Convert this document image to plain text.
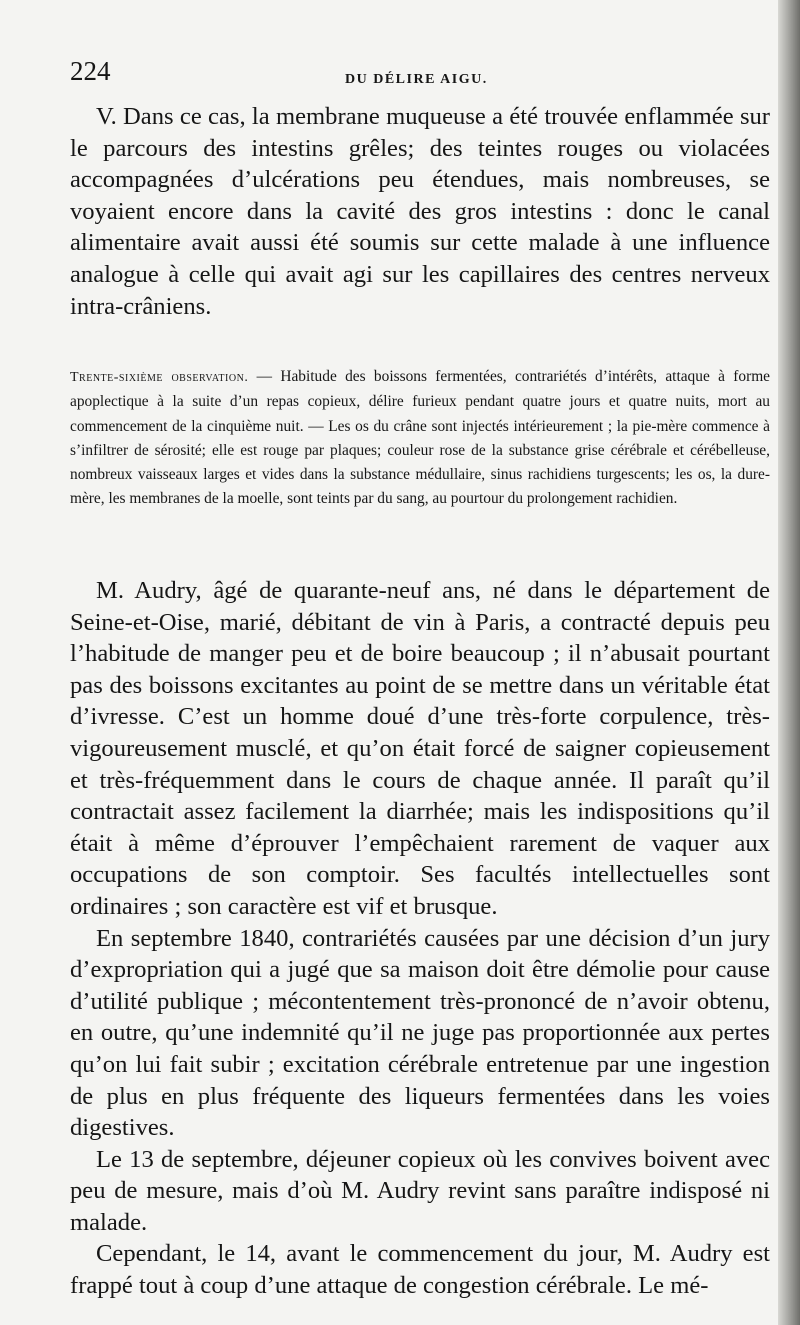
224	DU DÉLIRE AIGU.

V. Dans ce cas, la membrane muqueuse a été trouvée enflammée sur le parcours des intestins grêles; des teintes rouges ou violacées accompagnées d’ulcérations peu étendues, mais nombreuses, se voyaient encore dans la cavité des gros intestins : donc le canal alimentaire avait aussi été soumis sur cette malade à une influence analogue à celle qui avait agi sur les capillaires des centres nerveux intra-crâniens.

Trente-sixième observation. — Habitude des boissons fermentées, contrariétés d’intérêts, attaque à forme apoplectique à la suite d’un repas copieux, délire furieux pendant quatre jours et quatre nuits, mort au commencement de la cinquième nuit. — Les os du crâne sont injectés intérieurement ; la pie-mère commence à s’infiltrer de sérosité; elle est rouge par plaques; couleur rose de la substance grise cérébrale et cérébelleuse, nombreux vaisseaux larges et vides dans la substance médullaire, sinus rachidiens turgescents; les os, la dure-mère, les membranes de la moelle, sont teints par du sang, au pourtour du prolongement rachidien.

M. Audry, âgé de quarante-neuf ans, né dans le département de Seine-et-Oise, marié, débitant de vin à Paris, a contracté depuis peu l’habitude de manger peu et de boire beaucoup ; il n’abusait pourtant pas des boissons excitantes au point de se mettre dans un véritable état d’ivresse. C’est un homme doué d’une très-forte corpulence, très-vigoureusement musclé, et qu’on était forcé de saigner copieusement et très-fréquemment dans le cours de chaque année. Il paraît qu’il contractait assez facilement la diarrhée; mais les indispositions qu’il était à même d’éprouver l’empêchaient rarement de vaquer aux occupations de son comptoir. Ses facultés intellectuelles sont ordinaires ; son caractère est vif et brusque.

En septembre 1840, contrariétés causées par une décision d’un jury d’expropriation qui a jugé que sa maison doit être démolie pour cause d’utilité publique ; mécontentement très-prononcé de n’avoir obtenu, en outre, qu’une indemnité qu’il ne juge pas proportionnée aux pertes qu’on lui fait subir ; excitation cérébrale entretenue par une ingestion de plus en plus fréquente des liqueurs fermentées dans les voies digestives.

Le 13 de septembre, déjeuner copieux où les convives boivent avec peu de mesure, mais d’où M. Audry revint sans paraître indisposé ni malade.

Cependant, le 14, avant le commencement du jour, M. Audry est frappé tout à coup d’une attaque de congestion cérébrale. Le mé-
